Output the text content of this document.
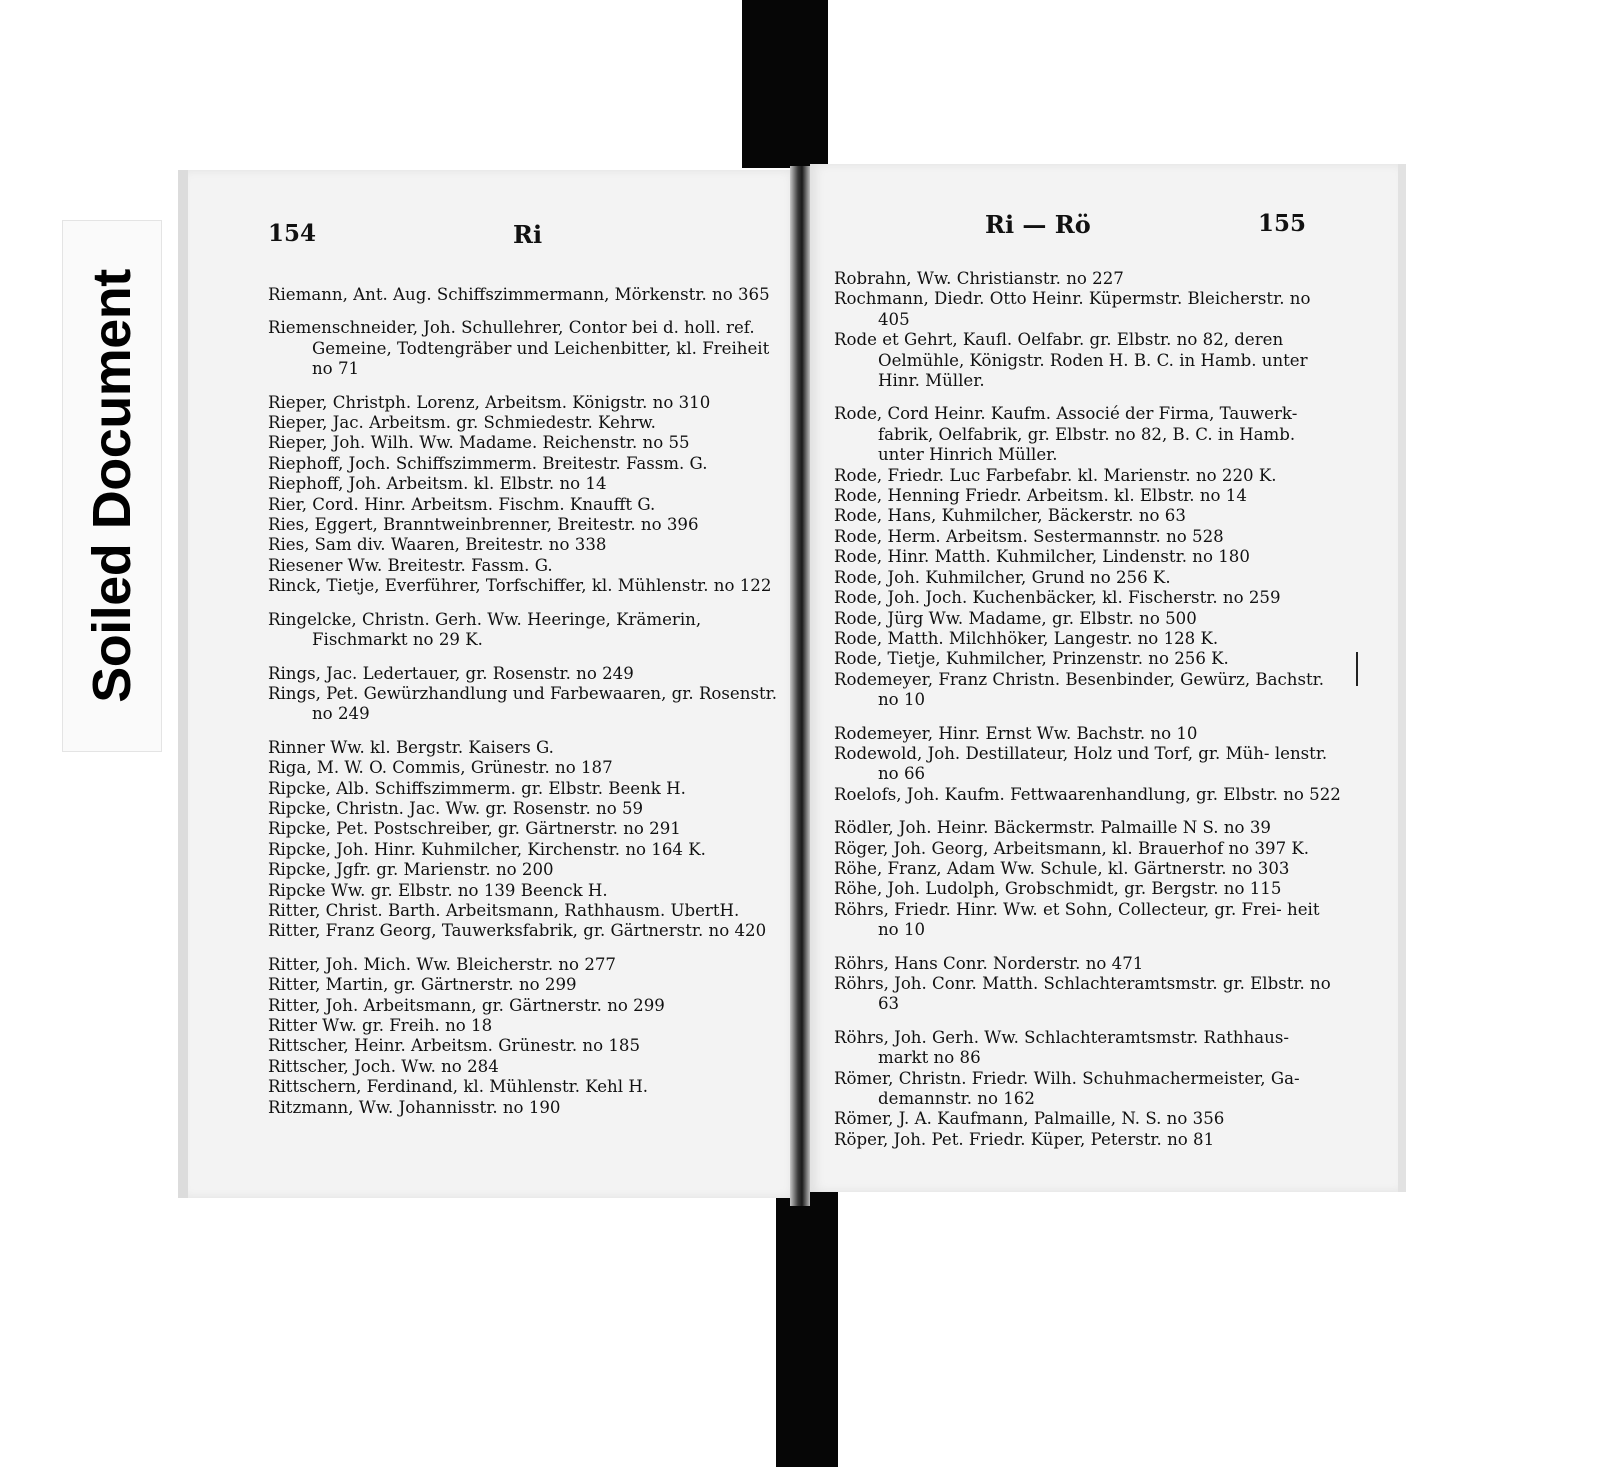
Soiled Document
154	Ri

Riemann, Ant. Aug. Schiffszimmermann, Mörkenstr. no 365

Riemenschneider, Joh. Schullehrer, Contor bei d. holl. ref. Gemeine, Todtengräber und Leichenbitter, kl. Freiheit no 71

Rieper, Christph. Lorenz, Arbeitsm. Königstr. no 310

Rieper, Jac. Arbeitsm. gr. Schmiedestr. Kehrw.

Rieper, Joh. Wilh. Ww. Madame. Reichenstr. no 55

Riephoff, Joch. Schiffszimmerm. Breitestr. Fassm. G.

Riephoff, Joh. Arbeitsm. kl. Elbstr. no 14

Rier, Cord. Hinr. Arbeitsm. Fischm. Knaufft G.

Ries, Eggert, Branntweinbrenner, Breitestr. no 396

Ries, Sam div. Waaren, Breitestr. no 338

Riesener Ww. Breitestr. Fassm. G.

Rinck, Tietje, Everführer, Torfschiffer, kl. Mühlenstr. no 122

Ringelcke, Christn. Gerh. Ww. Heeringe, Krämerin, Fischmarkt no 29 K.

Rings, Jac. Ledertauer, gr. Rosenstr. no 249

Rings, Pet. Gewürzhandlung und Farbewaaren, gr. Rosenstr. no 249

Rinner Ww. kl. Bergstr. Kaisers G.

Riga, M. W. O. Commis, Grünestr. no 187

Ripcke, Alb. Schiffszimmerm. gr. Elbstr. Beenk H.

Ripcke, Christn. Jac. Ww. gr. Rosenstr. no 59

Ripcke, Pet. Postschreiber, gr. Gärtnerstr. no 291

Ripcke, Joh. Hinr. Kuhmilcher, Kirchenstr. no 164 K.

Ripcke, Jgfr. gr. Marienstr. no 200

Ripcke Ww. gr. Elbstr. no 139 Beenck H.

Ritter, Christ. Barth. Arbeitsmann, Rathhausm. UbertH.

Ritter, Franz Georg, Tauwerksfabrik, gr. Gärtnerstr. no 420

Ritter, Joh. Mich. Ww. Bleicherstr. no 277

Ritter, Martin, gr. Gärtnerstr. no 299

Ritter, Joh. Arbeitsmann, gr. Gärtnerstr. no 299

Ritter Ww. gr. Freih. no 18

Rittscher, Heinr. Arbeitsm. Grünestr. no 185

Rittscher, Joch. Ww. no 284

Rittschern, Ferdinand, kl. Mühlenstr. Kehl H.

Ritzmann, Ww. Johannisstr. no 190

Ri — Rö	155

Robrahn, Ww. Christianstr. no 227

Rochmann, Diedr. Otto Heinr. Küpermstr. Bleicherstr. no 405

Rode et Gehrt, Kaufl. Oelfabr. gr. Elbstr. no 82, deren Oelmühle, Königstr. Roden H. B. C. in Hamb. unter Hinr. Müller.

Rode, Cord Heinr. Kaufm. Associé der Firma, Tauwerk- fabrik, Oelfabrik, gr. Elbstr. no 82, B. C. in Hamb. unter Hinrich Müller.

Rode, Friedr. Luc Farbefabr. kl. Marienstr. no 220 K.

Rode, Henning Friedr. Arbeitsm. kl. Elbstr. no 14

Rode, Hans, Kuhmilcher, Bäckerstr. no 63

Rode, Herm. Arbeitsm. Sestermannstr. no 528

Rode, Hinr. Matth. Kuhmilcher, Lindenstr. no 180

Rode, Joh. Kuhmilcher, Grund no 256 K.

Rode, Joh. Joch. Kuchenbäcker, kl. Fischerstr. no 259

Rode, Jürg Ww. Madame, gr. Elbstr. no 500

Rode, Matth. Milchhöker, Langestr. no 128 K.

Rode, Tietje, Kuhmilcher, Prinzenstr. no 256 K.

Rodemeyer, Franz Christn. Besenbinder, Gewürz, Bachstr. no 10

Rodemeyer, Hinr. Ernst Ww. Bachstr. no 10

Rodewold, Joh. Destillateur, Holz und Torf, gr. Müh- lenstr. no 66

Roelofs, Joh. Kaufm. Fettwaarenhandlung, gr. Elbstr. no 522

Rödler, Joh. Heinr. Bäckermstr. Palmaille N S. no 39

Röger, Joh. Georg, Arbeitsmann, kl. Brauerhof no 397 K.

Röhe, Franz, Adam Ww. Schule, kl. Gärtnerstr. no 303

Röhe, Joh. Ludolph, Grobschmidt, gr. Bergstr. no 115

Röhrs, Friedr. Hinr. Ww. et Sohn, Collecteur, gr. Frei- heit no 10

Röhrs, Hans Conr. Norderstr. no 471

Röhrs, Joh. Conr. Matth. Schlachteramtsmstr. gr. Elbstr. no 63

Röhrs, Joh. Gerh. Ww. Schlachteramtsmstr. Rathhaus- markt no 86

Römer, Christn. Friedr. Wilh. Schuhmachermeister, Ga- demannstr. no 162

Römer, J. A. Kaufmann, Palmaille, N. S. no 356

Röper, Joh. Pet. Friedr. Küper, Peterstr. no 81
